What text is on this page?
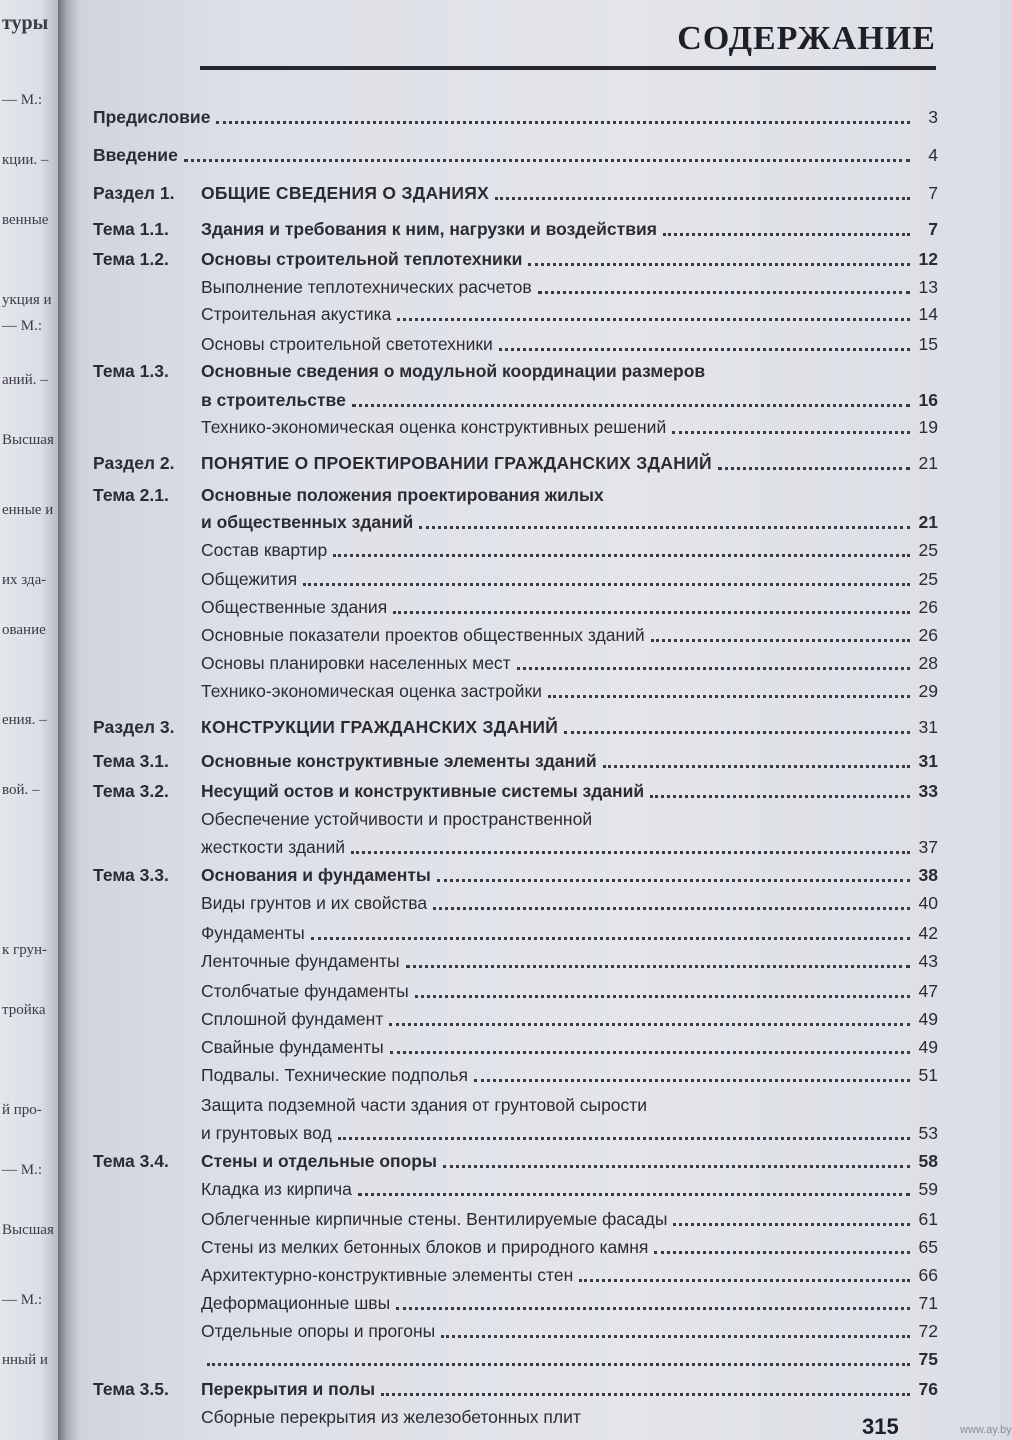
туры
— М.:
кции. –
венные
укция и
— М.:
аний. –
Высшая
енные и
их зда-
ование
ения. –
вой. –
к грун-
тройка
й про-
— М.:
Высшая
— М.:
нный и
СОДЕРЖАНИЕ
Предисловие	3
Введение	4
Раздел 1. ОБЩИЕ СВЕДЕНИЯ О ЗДАНИЯХ	7
Тема 1.1. Здания и требования к ним, нагрузки и воздействия	7
Тема 1.2. Основы строительной теплотехники	12
Выполнение теплотехнических расчетов	13
Строительная акустика	14
Основы строительной светотехники	15
Тема 1.3. Основные сведения о модульной координации размеров
в строительстве	16
Технико-экономическая оценка конструктивных решений	19
Раздел 2. ПОНЯТИЕ О ПРОЕКТИРОВАНИИ ГРАЖДАНСКИХ ЗДАНИЙ	21
Тема 2.1. Основные положения проектирования жилых
и общественных зданий	21
Состав квартир	25
Общежития	25
Общественные здания	26
Основные показатели проектов общественных зданий	26
Основы планировки населенных мест	28
Технико-экономическая оценка застройки	29
Раздел 3. КОНСТРУКЦИИ ГРАЖДАНСКИХ ЗДАНИЙ	31
Тема 3.1. Основные конструктивные элементы зданий	31
Тема 3.2. Несущий остов и конструктивные системы зданий	33
Обеспечение устойчивости и пространственной
жесткости зданий	37
Тема 3.3. Основания и фундаменты	38
Виды грунтов и их свойства	40
Фундаменты	42
Ленточные фундаменты	43
Столбчатые фундаменты	47
Сплошной фундамент	49
Свайные фундаменты	49
Подвалы. Технические подполья	51
Защита подземной части здания от грунтовой сырости
и грунтовых вод	53
Тема 3.4. Стены и отдельные опоры	58
Кладка из кирпича	59
Облегченные кирпичные стены. Вентилируемые фасады	61
Стены из мелких бетонных блоков и природного камня	65
Архитектурно-конструктивные элементы стен	66
Деформационные швы	71
Отдельные опоры и прогоны	72
75
Тема 3.5. Перекрытия и полы	76
Сборные перекрытия из железобетонных плит	315	www.ay.by
